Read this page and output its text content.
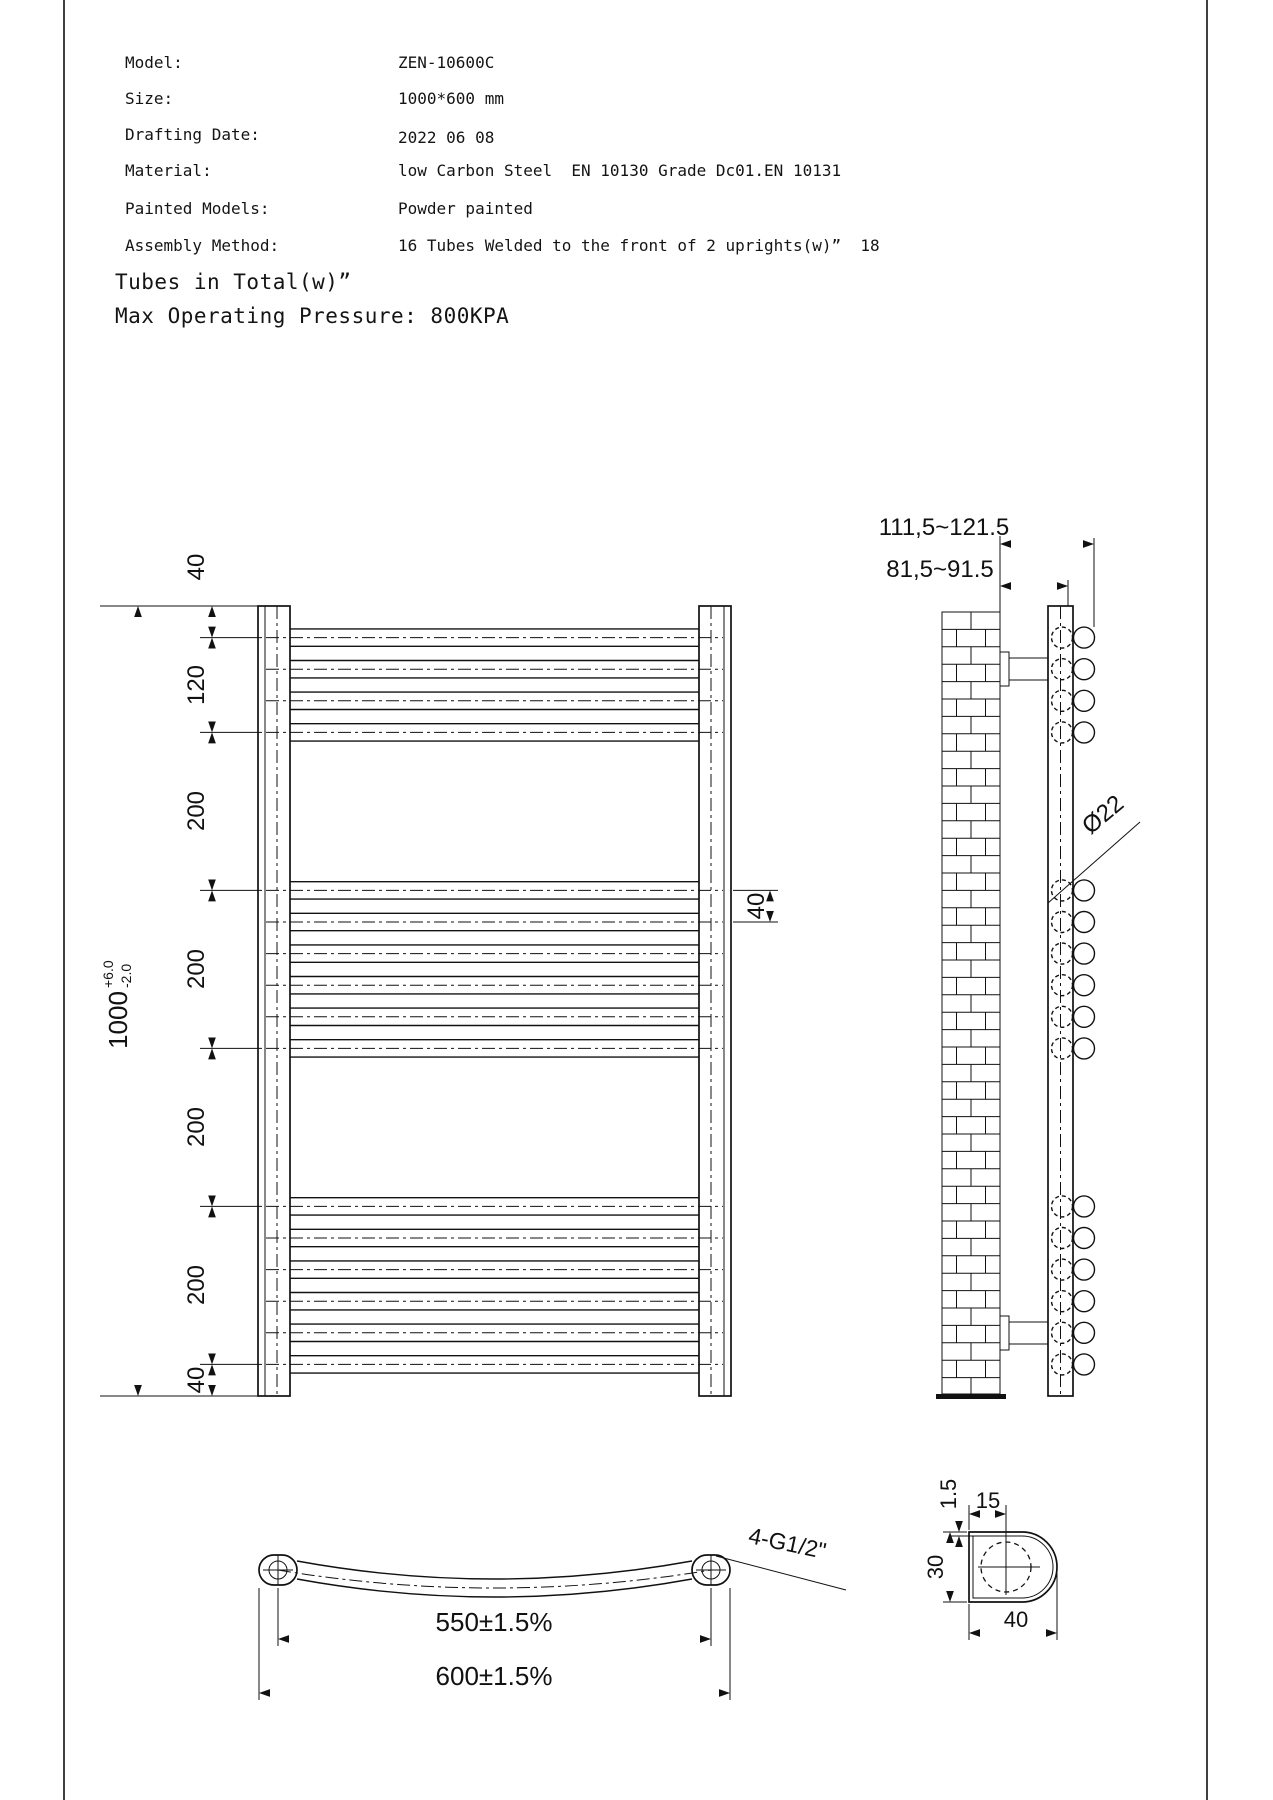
Model:	ZEN-10600C
Size:	1000*600 mm
Drafting Date:	2022 06 08
Material:	low Carbon Steel  EN 10130 Grade Dc01.EN 10131
Painted Models:	Powder painted
Assembly Method:	16 Tubes Welded to the front of 2 uprights(w)”  18
Tubes in Total(w)”
Max Operating Pressure: 800KPA
1000
+6.0 -2.0
40
120
200
200
200
200
40
40
111,5~121.5
81,5~91.5
Ø22
550±1.5%
600±1.5%
4-G1/2"
15
1.5
30
40
